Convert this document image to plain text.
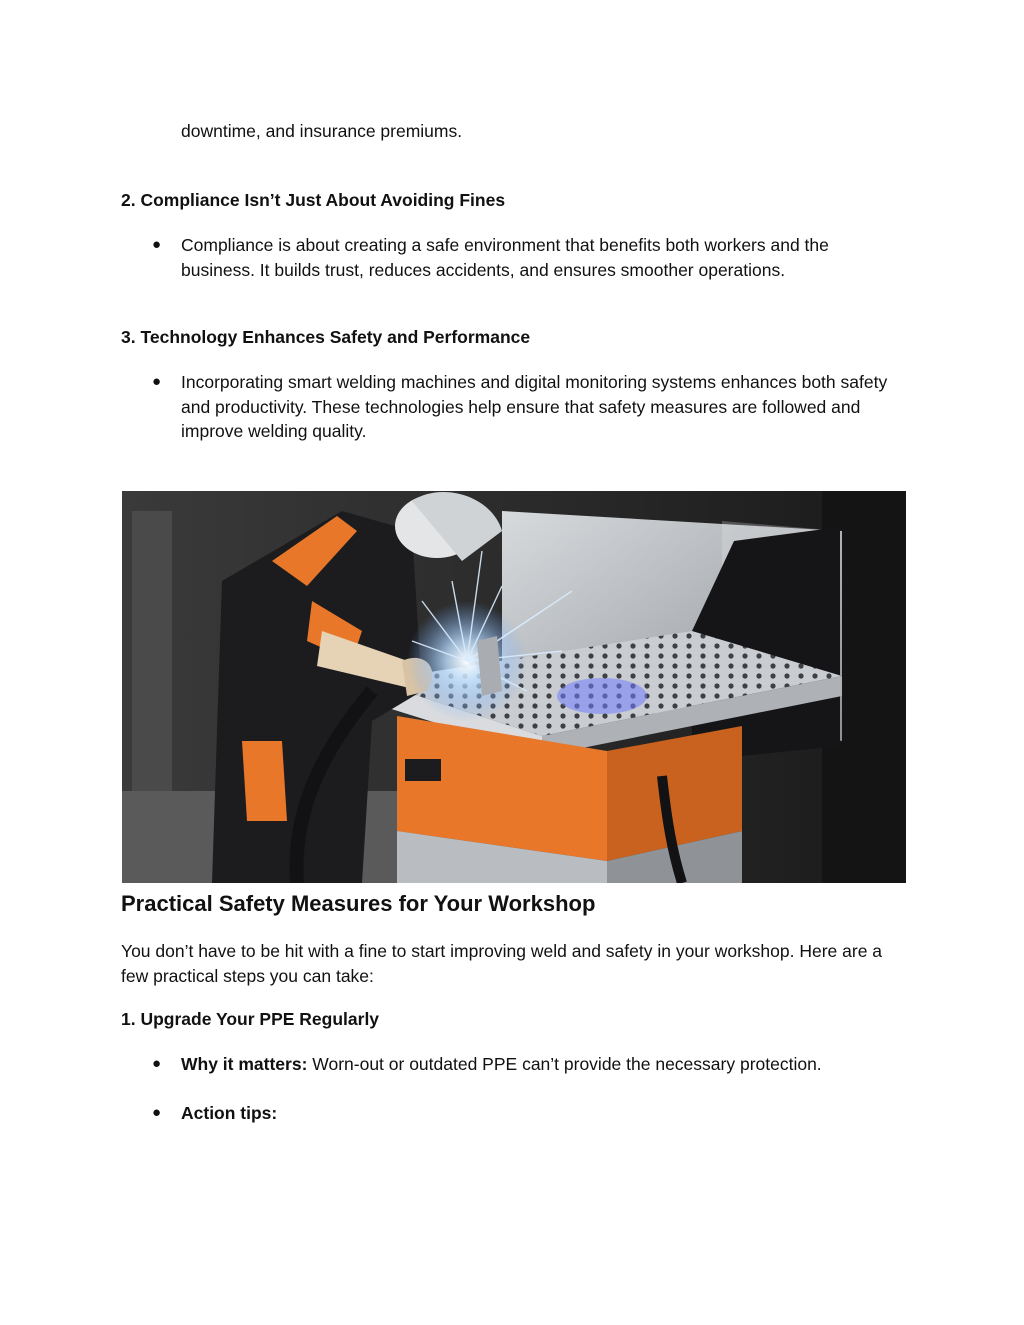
downtime, and insurance premiums.
2. Compliance Isn’t Just About Avoiding Fines
● Compliance is about creating a safe environment that benefits both workers and the business. It builds trust, reduces accidents, and ensures smoother operations.
3. Technology Enhances Safety and Performance
● Incorporating smart welding machines and digital monitoring systems enhances both safety and productivity. These technologies help ensure that safety measures are followed and improve welding quality.
Practical Safety Measures for Your Workshop
You don’t have to be hit with a fine to start improving weld and safety in your workshop. Here are a few practical steps you can take:
1. Upgrade Your PPE Regularly
● Why it matters: Worn-out or outdated PPE can’t provide the necessary protection.
● Action tips:
